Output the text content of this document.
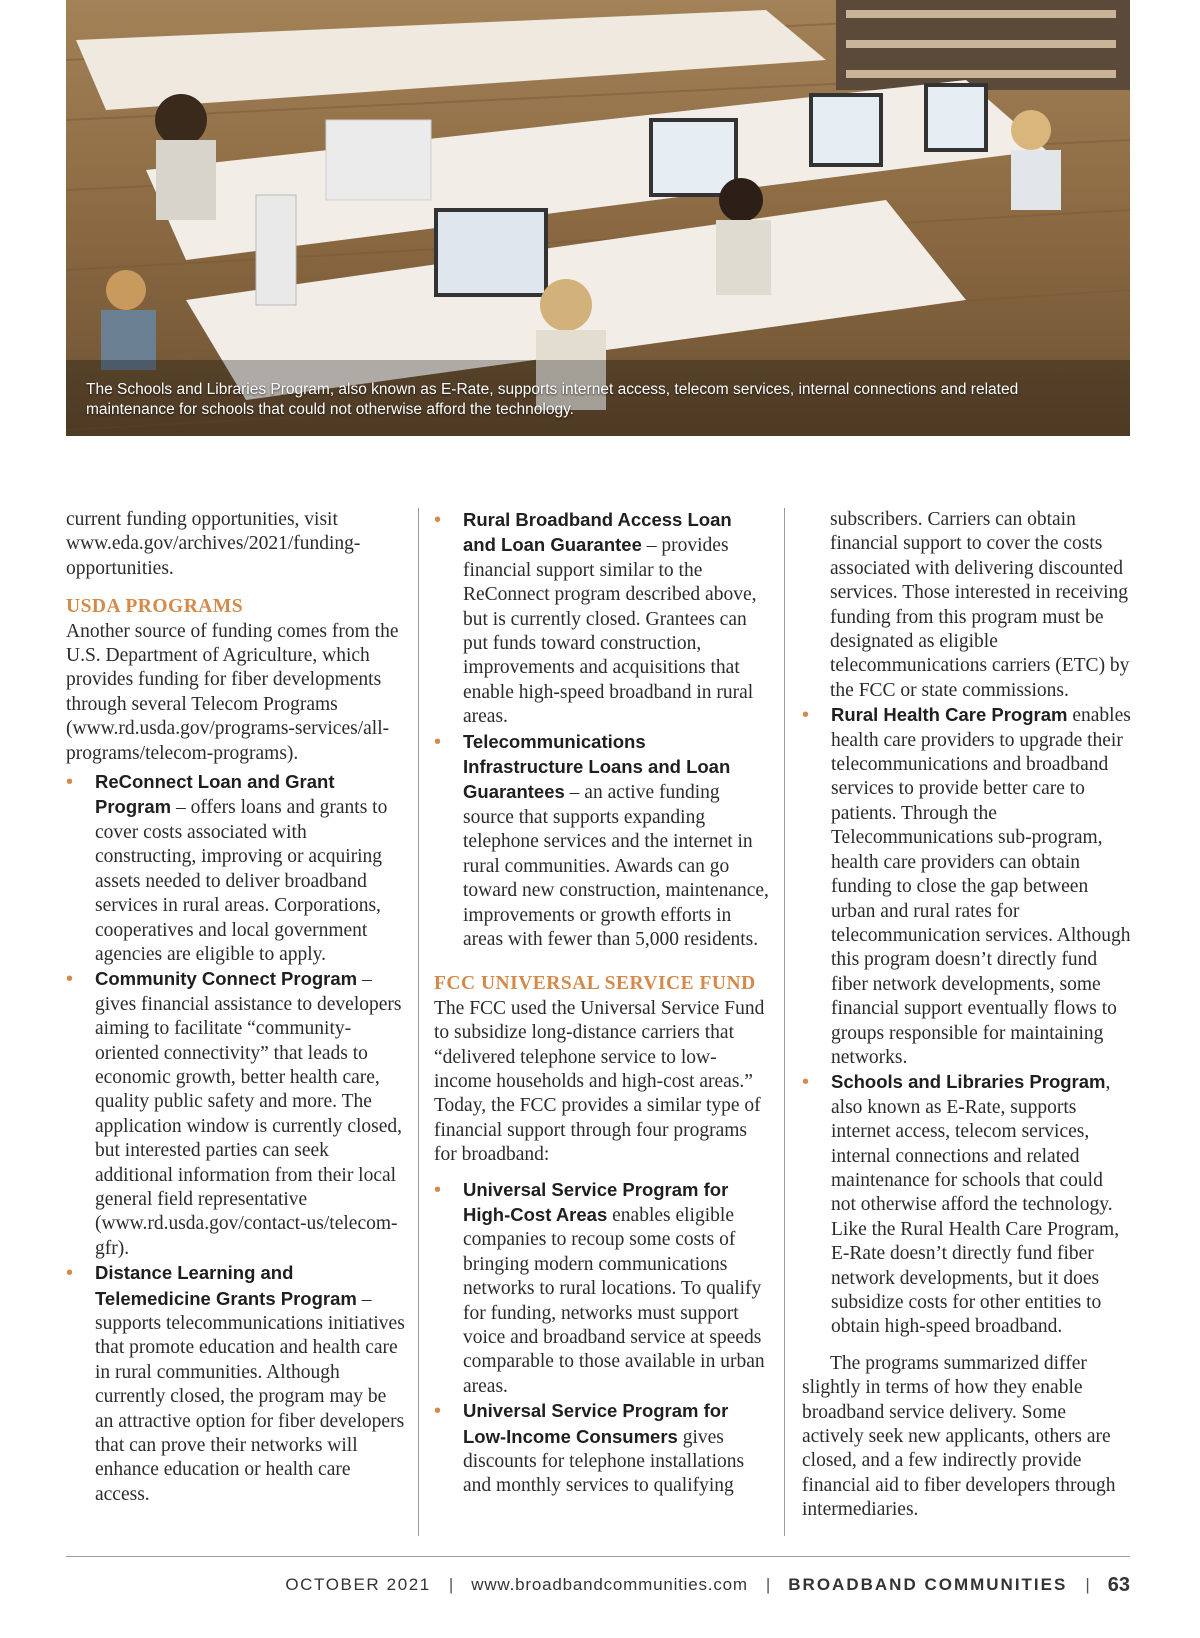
The Schools and Libraries Program, also known as E-Rate, supports internet access, telecom services, internal connections and related maintenance for schools that could not otherwise afford the technology.

current funding opportunities, visit www.eda.gov/archives/2021/funding-opportunities.

USDA PROGRAMS

Another source of funding comes from the U.S. Department of Agriculture, which provides funding for fiber developments through several Telecom Programs (www.rd.usda.gov/programs-services/all-programs/telecom-programs).

• ReConnect Loan and Grant Program – offers loans and grants to cover costs associated with constructing, improving or acquiring assets needed to deliver broadband services in rural areas. Corporations, cooperatives and local government agencies are eligible to apply.
• Community Connect Program – gives financial assistance to developers aiming to facilitate “community-oriented connectivity” that leads to economic growth, better health care, quality public safety and more. The application window is currently closed, but interested parties can seek additional information from their local general field representative (www.rd.usda.gov/contact-us/telecom-gfr).
• Distance Learning and Telemedicine Grants Program – supports telecommunications initiatives that promote education and health care in rural communities. Although currently closed, the program may be an attractive option for fiber developers that can prove their networks will enhance education or health care access.
• Rural Broadband Access Loan and Loan Guarantee – provides financial support similar to the ReConnect program described above, but is currently closed. Grantees can put funds toward construction, improvements and acquisitions that enable high-speed broadband in rural areas.
• Telecommunications Infrastructure Loans and Loan Guarantees – an active funding source that supports expanding telephone services and the internet in rural communities. Awards can go toward new construction, maintenance, improvements or growth efforts in areas with fewer than 5,000 residents.
FCC UNIVERSAL SERVICE FUND

The FCC used the Universal Service Fund to subsidize long-distance carriers that “delivered telephone service to low-income households and high-cost areas.” Today, the FCC provides a similar type of financial support through four programs for broadband:

• Universal Service Program for High-Cost Areas enables eligible companies to recoup some costs of bringing modern communications networks to rural locations. To qualify for funding, networks must support voice and broadband service at speeds comparable to those available in urban areas.
• Universal Service Program for Low-Income Consumers gives discounts for telephone installations and monthly services to qualifying

subscribers. Carriers can obtain financial support to cover the costs associated with delivering discounted services. Those interested in receiving funding from this program must be designated as eligible telecommunications carriers (ETC) by the FCC or state commissions.

• Rural Health Care Program enables health care providers to upgrade their telecommunications and broadband services to provide better care to patients. Through the Telecommunications sub-program, health care providers can obtain funding to close the gap between urban and rural rates for telecommunication services. Although this program doesn’t directly fund fiber network developments, some financial support eventually flows to groups responsible for maintaining networks.
• Schools and Libraries Program, also known as E-Rate, supports internet access, telecom services, internal connections and related maintenance for schools that could not otherwise afford the technology. Like the Rural Health Care Program, E-Rate doesn’t directly fund fiber network developments, but it does subsidize costs for other entities to obtain high-speed broadband.

The programs summarized differ slightly in terms of how they enable broadband service delivery. Some actively seek new applicants, others are closed, and a few indirectly provide financial aid to fiber developers through intermediaries.

OCTOBER 2021 | www.broadbandcommunities.com | BROADBAND COMMUNITIES | 63
